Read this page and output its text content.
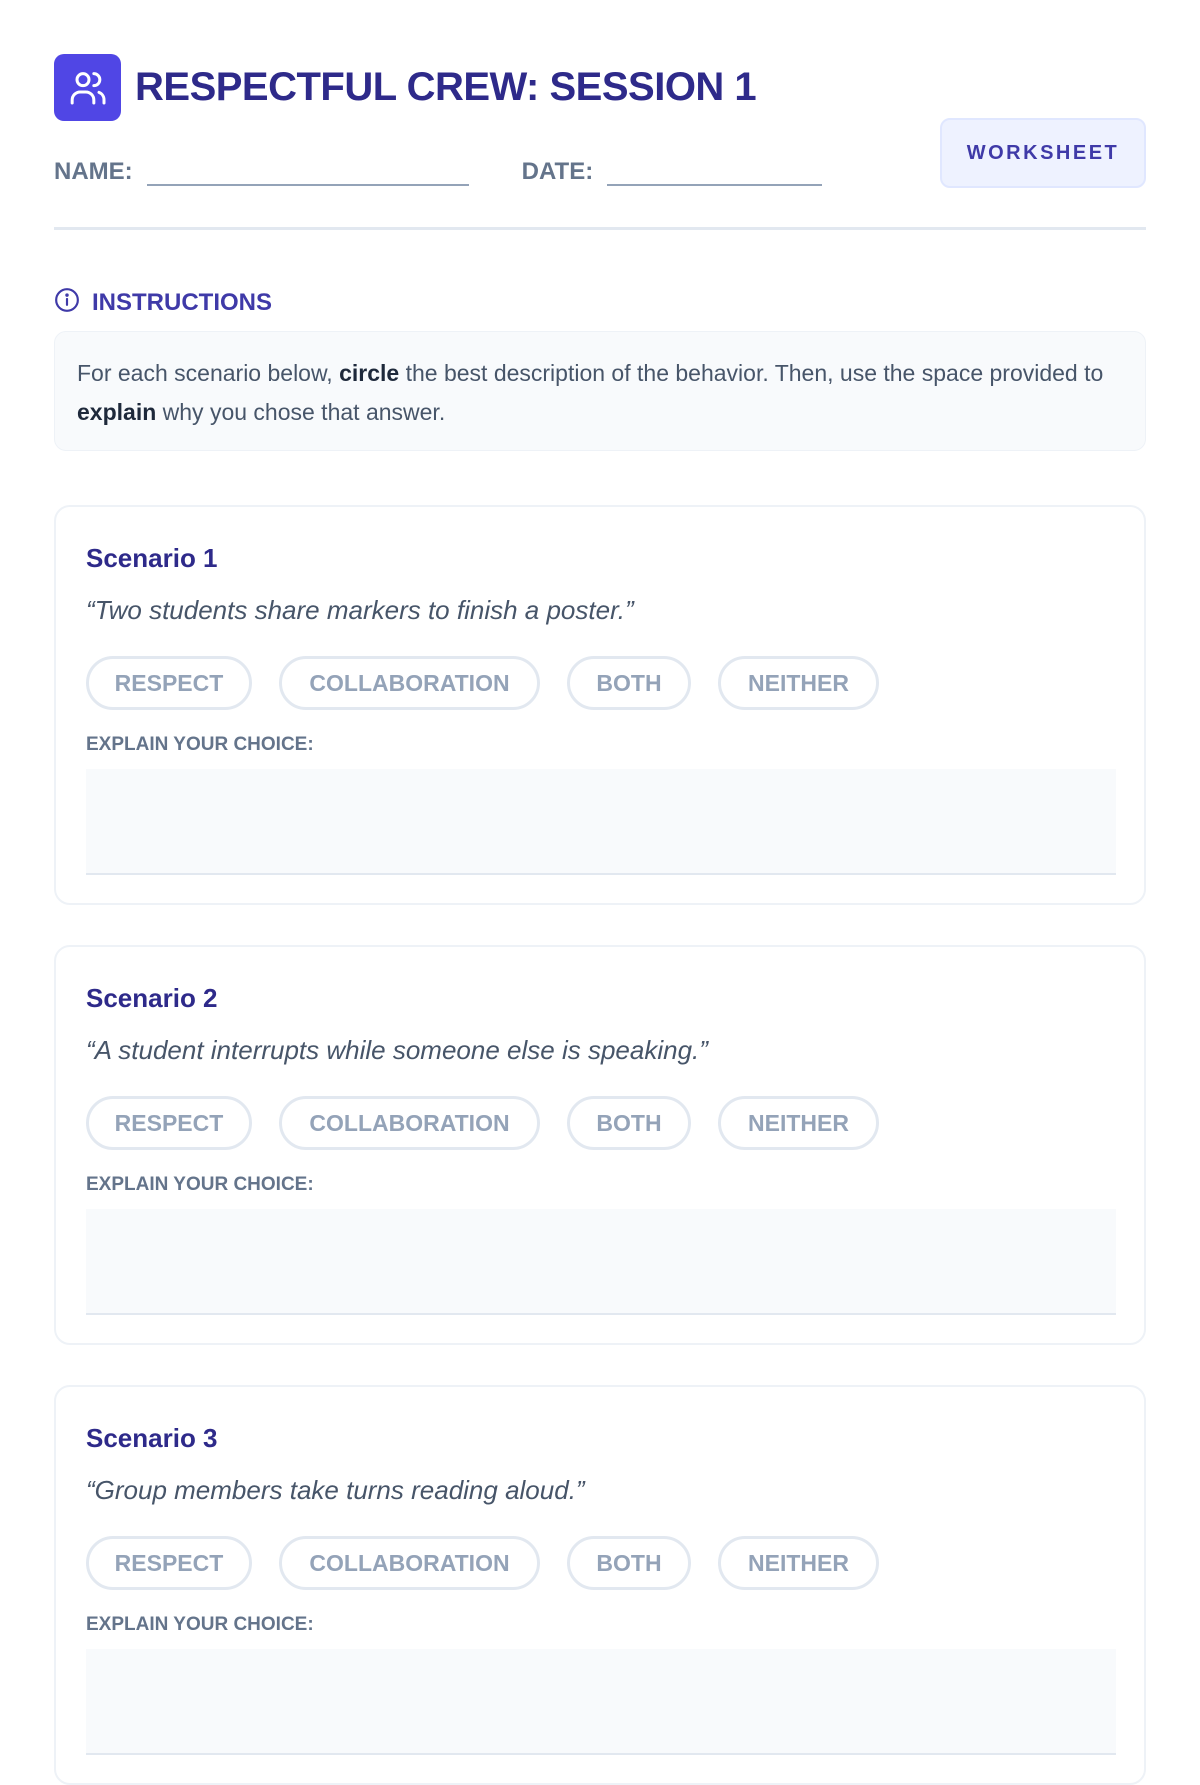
RESPECTFUL CREW: SESSION 1
NAME:	DATE:
WORKSHEET
INSTRUCTIONS
For each scenario below, circle the best description of the behavior. Then, use the space provided to explain why you chose that answer.
Scenario 1
“Two students share markers to finish a poster.”
RESPECT	COLLABORATION	BOTH	NEITHER
EXPLAIN YOUR CHOICE:
Scenario 2
“A student interrupts while someone else is speaking.”
RESPECT	COLLABORATION	BOTH	NEITHER
EXPLAIN YOUR CHOICE:
Scenario 3
“Group members take turns reading aloud.”
RESPECT	COLLABORATION	BOTH	NEITHER
EXPLAIN YOUR CHOICE:
